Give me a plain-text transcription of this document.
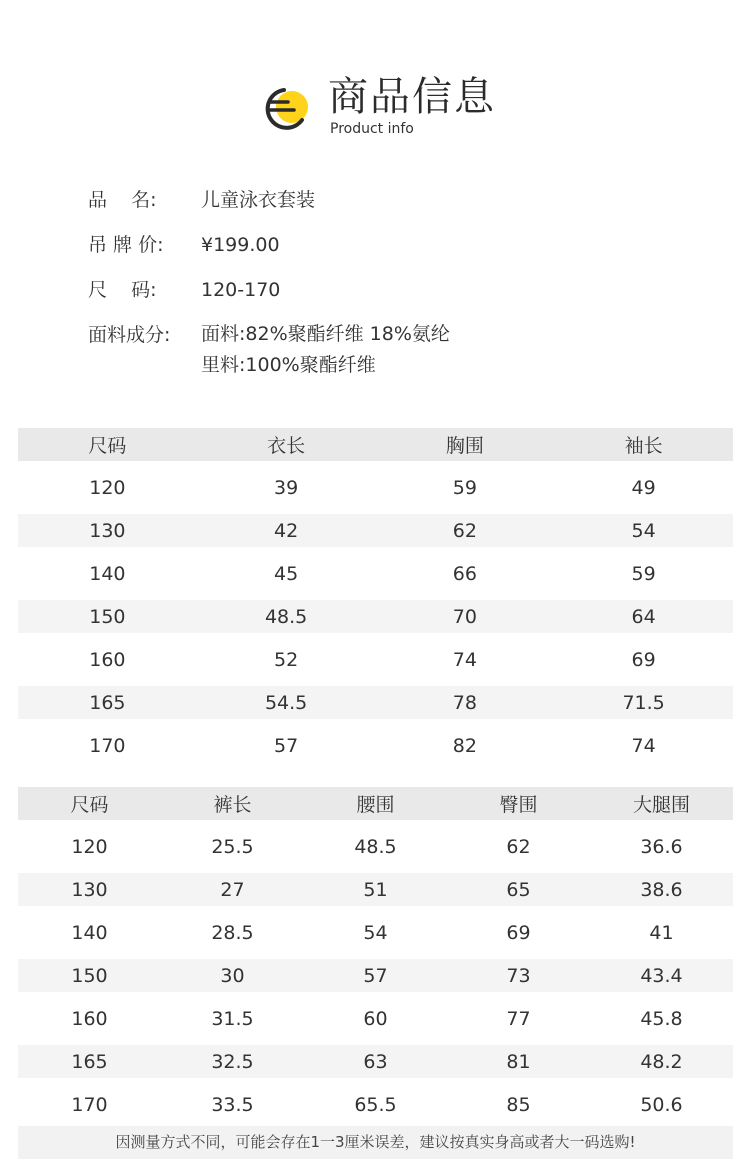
商品信息
Product info
品    名:	儿童泳衣套装
吊 牌 价:	¥199.00
尺    码:	120-170
面料成分:	面料:82%聚酯纤维 18%氨纶
里料:100%聚酯纤维
尺码	衣长	胸围	袖长
120	39	59	49
130	42	62	54
140	45	66	59
150	48.5	70	64
160	52	74	69
165	54.5	78	71.5
170	57	82	74
尺码	裤长	腰围	臀围	大腿围
120	25.5	48.5	62	36.6
130	27	51	65	38.6
140	28.5	54	69	41
150	30	57	73	43.4
160	31.5	60	77	45.8
165	32.5	63	81	48.2
170	33.5	65.5	85	50.6
因测量方式不同，可能会存在1一3厘米误差，建议按真实身高或者大一码选购!
